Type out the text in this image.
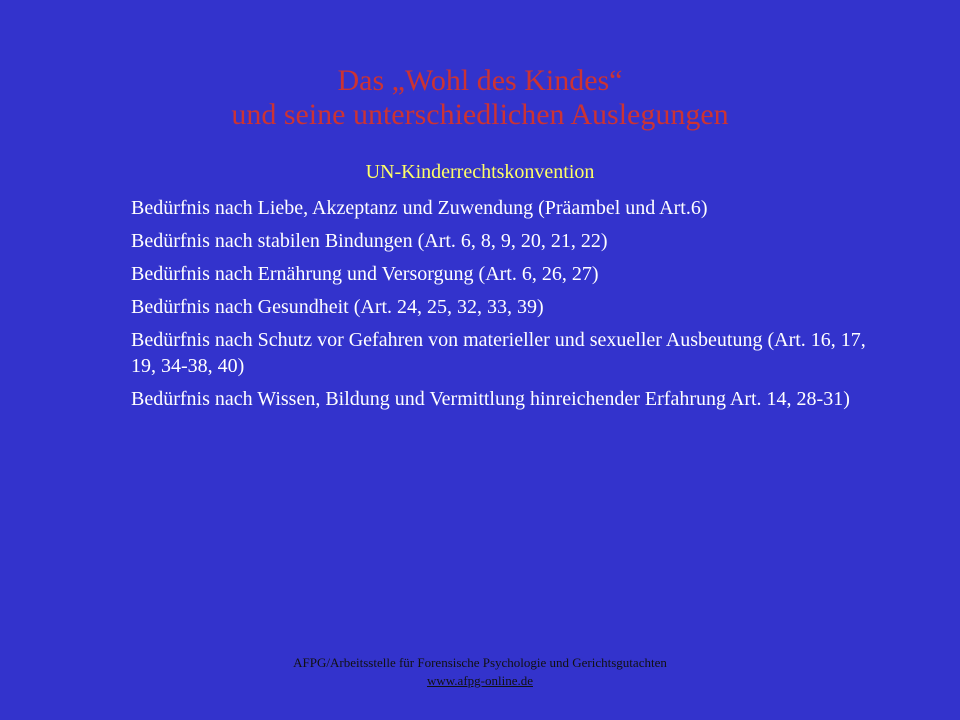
Das „Wohl des Kindes“
und seine unterschiedlichen Auslegungen
UN-Kinderrechtskonvention
Bedürfnis nach Liebe, Akzeptanz und Zuwendung (Präambel und Art.6)
Bedürfnis nach stabilen Bindungen (Art. 6, 8, 9, 20, 21, 22)
Bedürfnis nach Ernährung und Versorgung (Art. 6, 26, 27)
Bedürfnis nach Gesundheit (Art. 24, 25, 32, 33, 39)
Bedürfnis nach Schutz vor Gefahren von materieller und sexueller Ausbeutung (Art. 16, 17, 19, 34-38, 40)
Bedürfnis nach Wissen, Bildung und Vermittlung hinreichender Erfahrung Art. 14, 28-31)
AFPG/Arbeitsstelle für Forensische Psychologie und Gerichtsgutachten
www.afpg-online.de
